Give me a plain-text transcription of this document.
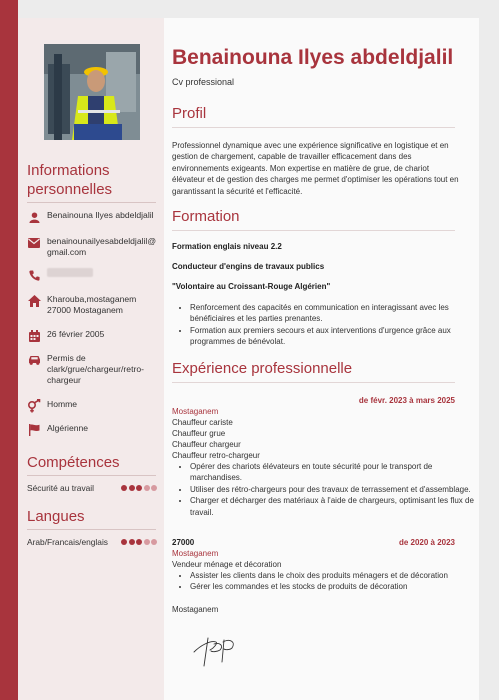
Informations
personnelles
Benainouna Ilyes abdeldjalil
benainounailyesabdeldjalil@gmail.com
Kharouba,mostaganem 27000 Mostaganem
26 février 2005
Permis de clark/grue/chargeur/retro-chargeur
Homme
Algérienne
Compétences
Sécurité au travail
Langues
Arab/Francais/englais
Benainouna Ilyes abdeldjalil
Cv professional
Profil

Professionnel dynamique avec une expérience significative en logistique et en gestion de chargement, capable de travailler efficacement dans des environnements exigeants. Mon expertise en matière de grue, de chariot élévateur et de gestion des charges me permet d'optimiser les opérations tout en garantissant la sécurité et l'efficacité.

Formation
Formation englais niveau 2.2
Conducteur d'engins de travaux publics
"Volontaire au Croissant-Rouge Algérien"
• Renforcement des capacités en communication en interagissant avec les bénéficiaires et les parties prenantes.
• Formation aux premiers secours et aux interventions d'urgence grâce aux programmes de bénévolat.
Expérience professionnelle
de févr. 2023 à mars 2025
Mostaganem
Chauffeur cariste
Chauffeur grue
Chauffeur chargeur
Chauffeur retro-chargeur
• Opérer des chariots élévateurs en toute sécurité pour le transport de marchandises.
• Utiliser des rétro-chargeurs pour des travaux de terrassement et d'assemblage.
• Charger et décharger des matériaux à l'aide de chargeurs, optimisant les flux de travail.
27000	de 2020 à 2023
Mostaganem
Vendeur ménage et décoration
• Assister les clients dans le choix des produits ménagers et de décoration
• Gérer les commandes et les stocks de produits de décoration
Mostaganem
